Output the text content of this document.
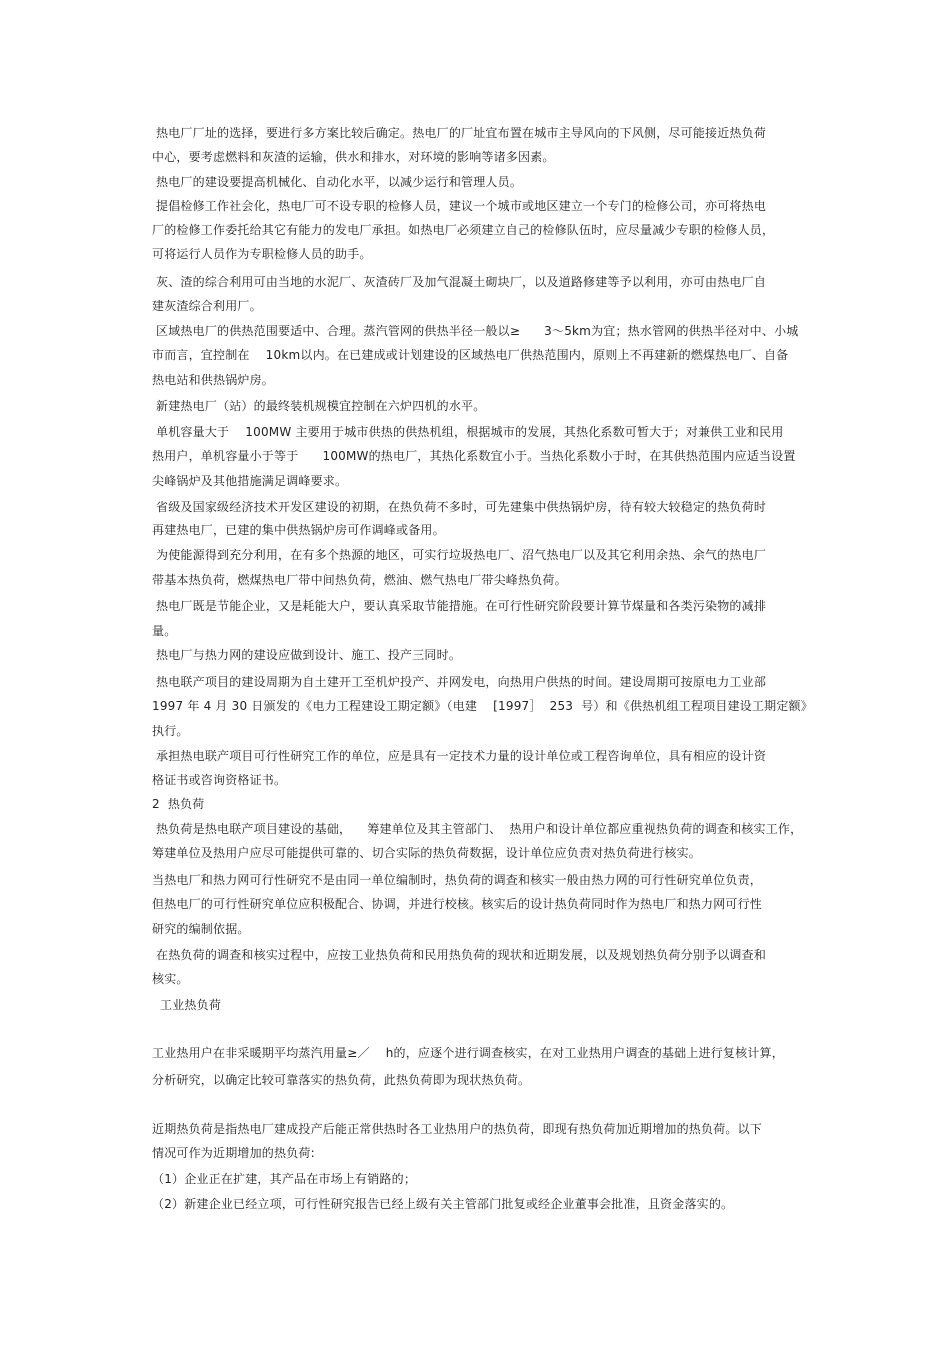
热电厂厂址的选择，要进行多方案比较后确定。热电厂的厂址宜布置在城市主导风向的下风侧，尽可能接近热负荷
中心，要考虑燃料和灰渣的运输，供水和排水，对环境的影响等诸多因素。
热电厂的建设要提高机械化、自动化水平，以减少运行和管理人员。
提倡检修工作社会化，热电厂可不设专职的检修人员，建议一个城市或地区建立一个专门的检修公司，亦可将热电
厂的检修工作委托给其它有能力的发电厂承担。如热电厂必须建立自己的检修队伍时，应尽量减少专职的检修人员，
可将运行人员作为专职检修人员的助手。
灰、渣的综合利用可由当地的水泥厂、灰渣砖厂及加气混凝土砌块厂，以及道路修建等予以利用，亦可由热电厂自
建灰渣综合利用厂。
区域热电厂的供热范围要适中、合理。蒸汽管网的供热半径一般以≥      3～5km为宜；热水管网的供热半径对中、小城
市而言，宜控制在    10km以内。在已建成或计划建设的区域热电厂供热范围内，原则上不再建新的燃煤热电厂、自备
热电站和供热锅炉房。
新建热电厂（站）的最终装机规模宜控制在六炉四机的水平。
单机容量大于    100MW 主要用于城市供热的供热机组，根据城市的发展，其热化系数可暂大于；对兼供工业和民用
热用户，单机容量小于等于      100MW的热电厂，其热化系数宜小于。当热化系数小于时，在其供热范围内应适当设置
尖峰锅炉及其他措施满足调峰要求。
省级及国家级经济技术开发区建设的初期，在热负荷不多时，可先建集中供热锅炉房，待有较大较稳定的热负荷时
再建热电厂，已建的集中供热锅炉房可作调峰或备用。
为使能源得到充分利用，在有多个热源的地区，可实行垃圾热电厂、沼气热电厂以及其它利用余热、余气的热电厂
带基本热负荷，燃煤热电厂带中间热负荷，燃油、燃气热电厂带尖峰热负荷。
热电厂既是节能企业，又是耗能大户，要认真采取节能措施。在可行性研究阶段要计算节煤量和各类污染物的减排
量。
热电厂与热力网的建设应做到设计、施工、投产三同时。
热电联产项目的建设周期为自土建开工至机炉投产、并网发电，向热用户供热的时间。建设周期可按原电力工业部
1997 年 4 月 30 日颁发的《电力工程建设工期定额》（电建    [1997］  253  号）和《供热机组工程项目建设工期定额》
执行。
承担热电联产项目可行性研究工作的单位，应是具有一定技术力量的设计单位或工程咨询单位，具有相应的设计资
格证书或咨询资格证书。
2  热负荷
热负荷是热电联产项目建设的基础，    筹建单位及其主管部门、  热用户和设计单位都应重视热负荷的调查和核实工作，
筹建单位及热用户应尽可能提供可靠的、切合实际的热负荷数据，设计单位应负责对热负荷进行核实。
当热电厂和热力网可行性研究不是由同一单位编制时，热负荷的调查和核实一般由热力网的可行性研究单位负责，
但热电厂的可行性研究单位应积极配合、协调，并进行校核。核实后的设计热负荷同时作为热电厂和热力网可行性
研究的编制依据。
在热负荷的调查和核实过程中，应按工业热负荷和民用热负荷的现状和近期发展，以及规划热负荷分别予以调查和
核实。
工业热负荷
工业热用户在非采暖期平均蒸汽用量≥／    h的，应逐个进行调查核实，在对工业热用户调查的基础上进行复核计算，
分析研究，以确定比较可靠落实的热负荷，此热负荷即为现状热负荷。
近期热负荷是指热电厂建成投产后能正常供热时各工业热用户的热负荷，即现有热负荷加近期增加的热负荷。以下
情况可作为近期增加的热负荷:
（1）企业正在扩建，其产品在市场上有销路的；
（2）新建企业已经立项，可行性研究报告已经上级有关主管部门批复或经企业董事会批准，且资金落实的。
